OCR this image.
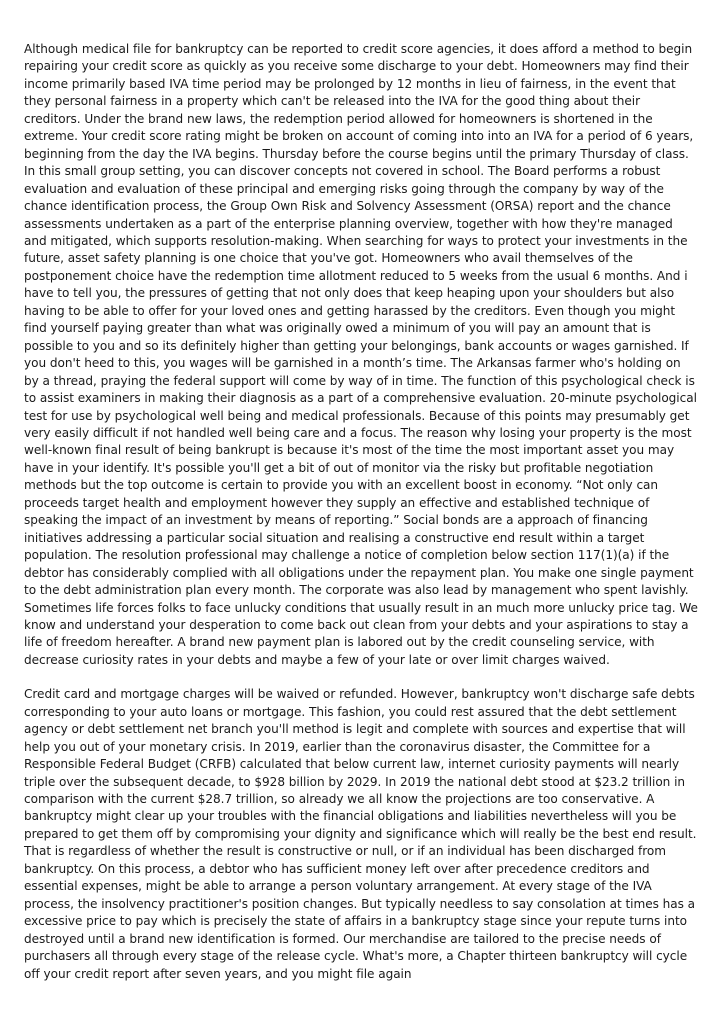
Although medical file for bankruptcy can be reported to credit score agencies, it does afford a method to begin repairing your credit score as quickly as you receive some discharge to your debt. Homeowners may find their income primarily based IVA time period may be prolonged by 12 months in lieu of fairness, in the event that they personal fairness in a property which can't be released into the IVA for the good thing about their creditors. Under the brand new laws, the redemption period allowed for homeowners is shortened in the extreme. Your credit score rating might be broken on account of coming into into an IVA for a period of 6 years, beginning from the day the IVA begins. Thursday before the course begins until the primary Thursday of class. In this small group setting, you can discover concepts not covered in school. The Board performs a robust evaluation and evaluation of these principal and emerging risks going through the company by way of the chance identification process, the Group Own Risk and Solvency Assessment (ORSA) report and the chance assessments undertaken as a part of the enterprise planning overview, together with how they're managed and mitigated, which supports resolution-making. When searching for ways to protect your investments in the future, asset safety planning is one choice that you've got. Homeowners who avail themselves of the postponement choice have the redemption time allotment reduced to 5 weeks from the usual 6 months. And i have to tell you, the pressures of getting that not only does that keep heaping upon your shoulders but also having to be able to offer for your loved ones and getting harassed by the creditors. Even though you might find yourself paying greater than what was originally owed a minimum of you will pay an amount that is possible to you and so its definitely higher than getting your belongings, bank accounts or wages garnished. If you don't heed to this, you wages will be garnished in a month’s time. The Arkansas farmer who's holding on by a thread, praying the federal support will come by way of in time. The function of this psychological check is to assist examiners in making their diagnosis as a part of a comprehensive evaluation. 20-minute psychological test for use by psychological well being and medical professionals. Because of this points may presumably get very easily difficult if not handled well being care and a focus. The reason why losing your property is the most well-known final result of being bankrupt is because it's most of the time the most important asset you may have in your identify. It's possible you'll get a bit of out of monitor via the risky but profitable negotiation methods but the top outcome is certain to provide you with an excellent boost in economy. “Not only can proceeds target health and employment however they supply an effective and established technique of speaking the impact of an investment by means of reporting.” Social bonds are a approach of financing initiatives addressing a particular social situation and realising a constructive end result within a target population. The resolution professional may challenge a notice of completion below section 117(1)(a) if the debtor has considerably complied with all obligations under the repayment plan. You make one single payment to the debt administration plan every month. The corporate was also lead by management who spent lavishly. Sometimes life forces folks to face unlucky conditions that usually result in an much more unlucky price tag. We know and understand your desperation to come back out clean from your debts and your aspirations to stay a life of freedom hereafter. A brand new payment plan is labored out by the credit counseling service, with decrease curiosity rates in your debts and maybe a few of your late or over limit charges waived.

Credit card and mortgage charges will be waived or refunded. However, bankruptcy won't discharge safe debts corresponding to your auto loans or mortgage. This fashion, you could rest assured that the debt settlement agency or debt settlement net branch you'll method is legit and complete with sources and expertise that will help you out of your monetary crisis. In 2019, earlier than the coronavirus disaster, the Committee for a Responsible Federal Budget (CRFB) calculated that below current law, internet curiosity payments will nearly triple over the subsequent decade, to $928 billion by 2029. In 2019 the national debt stood at $23.2 trillion in comparison with the current $28.7 trillion, so already we all know the projections are too conservative. A bankruptcy might clear up your troubles with the financial obligations and liabilities nevertheless will you be prepared to get them off by compromising your dignity and significance which will really be the best end result. That is regardless of whether the result is constructive or null, or if an individual has been discharged from bankruptcy. On this process, a debtor who has sufficient money left over after precedence creditors and essential expenses, might be able to arrange a person voluntary arrangement. At every stage of the IVA process, the insolvency practitioner's position changes. But typically needless to say consolation at times has a excessive price to pay which is precisely the state of affairs in a bankruptcy stage since your repute turns into destroyed until a brand new identification is formed. Our merchandise are tailored to the precise needs of purchasers all through every stage of the release cycle. What's more, a Chapter thirteen bankruptcy will cycle off your credit report after seven years, and you might file again
